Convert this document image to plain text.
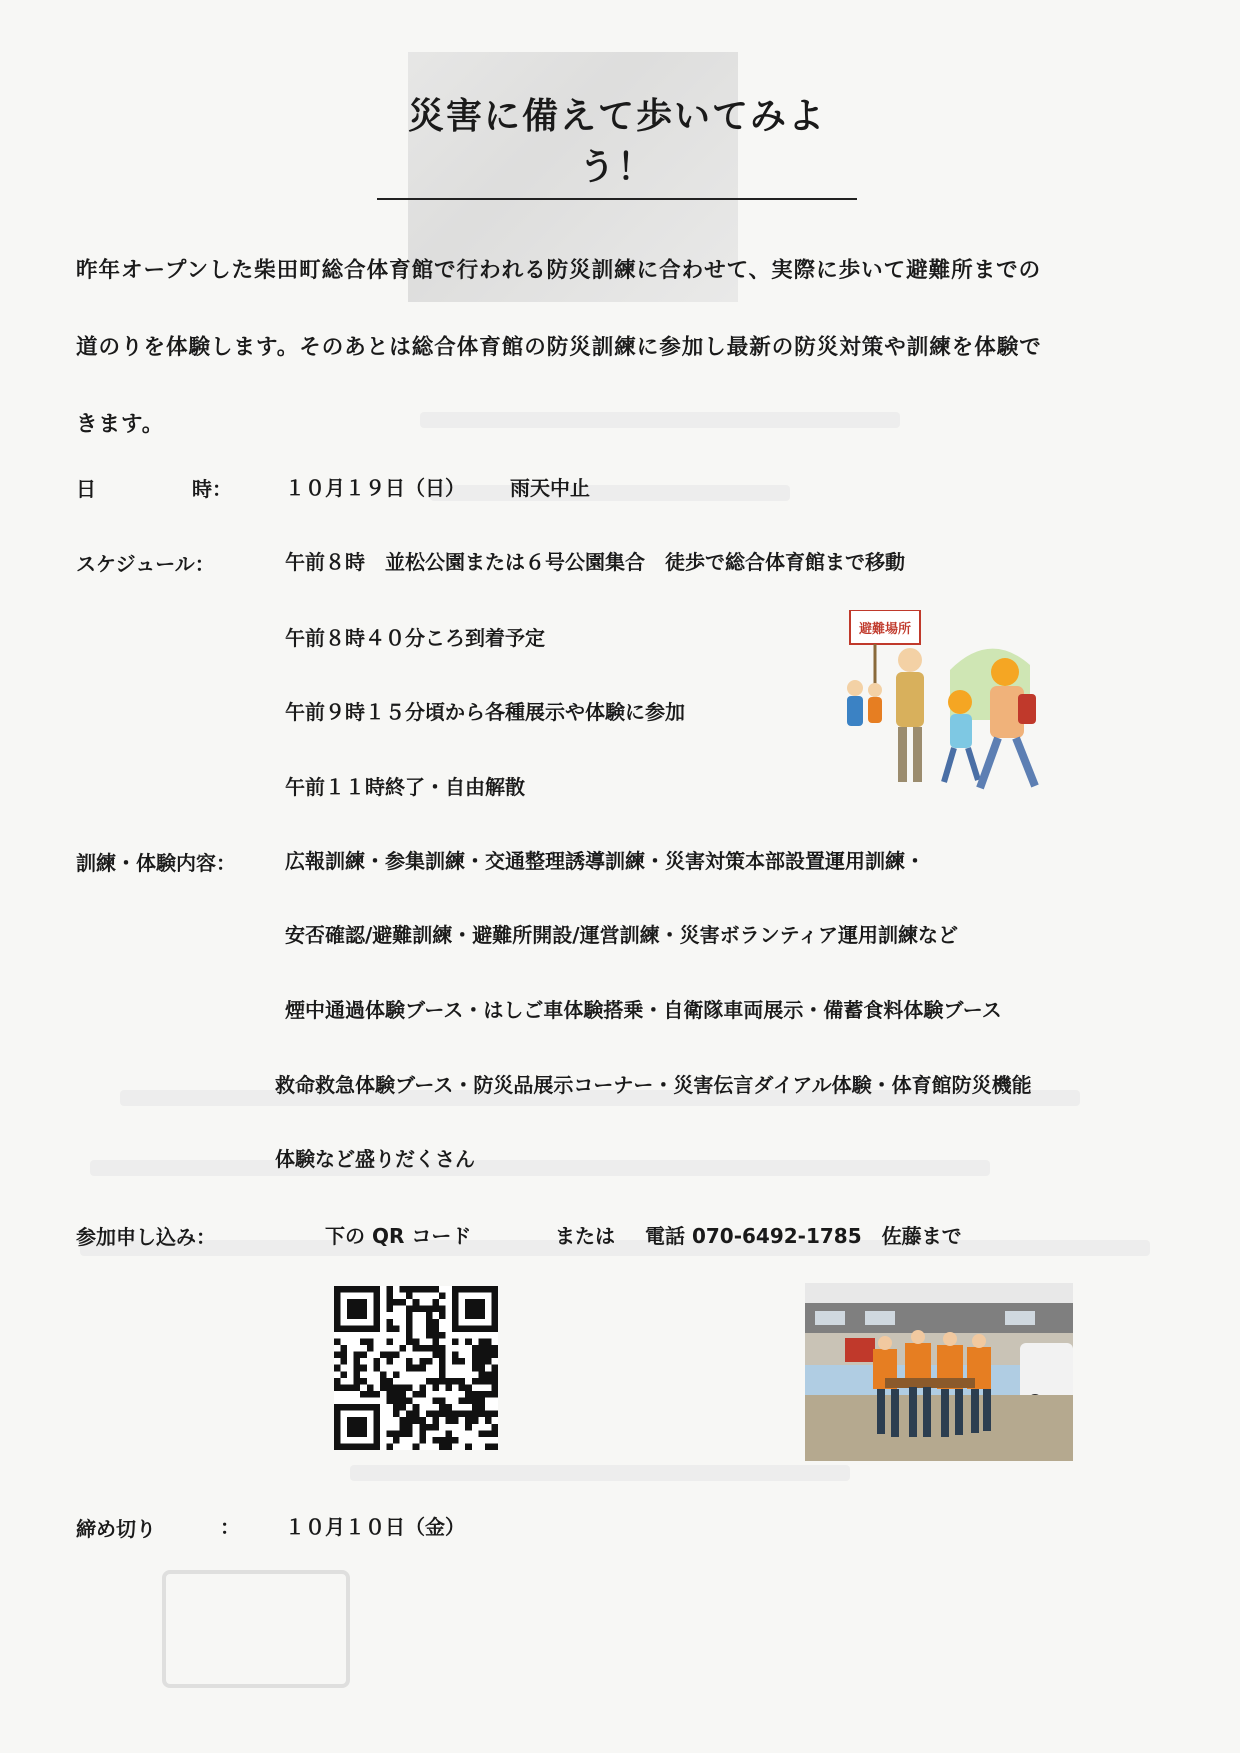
災害に備えて歩いてみよう！
昨年オープンした柴田町総合体育館で行われる防災訓練に合わせて、実際に歩いて避難所までの
道のりを体験します。そのあとは総合体育館の防災訓練に参加し最新の防災対策や訓練を体験で
きます。
日	時：	１０月１９日（日） 雨天中止
スケジュール：	午前８時　並松公園または６号公園集合　徒歩で総合体育館まで移動
午前８時４０分ころ到着予定
午前９時１５分頃から各種展示や体験に参加
午前１１時終了・自由解散
避難場所
訓練・体験内容： 広報訓練・参集訓練・交通整理誘導訓練・災害対策本部設置運用訓練・
安否確認/避難訓練・避難所開設/運営訓練・災害ボランティア運用訓練など
煙中通過体験ブース・はしご車体験搭乗・自衛隊車両展示・備蓄食料体験ブース
救命救急体験ブース・防災品展示コーナー・災害伝言ダイアル体験・体育館防災機能
体験など盛りだくさん
参加申し込み：	下の QR コード	または 電話 070-6492-1785　佐藤まで
締め切り	： １０月１０日（金）
